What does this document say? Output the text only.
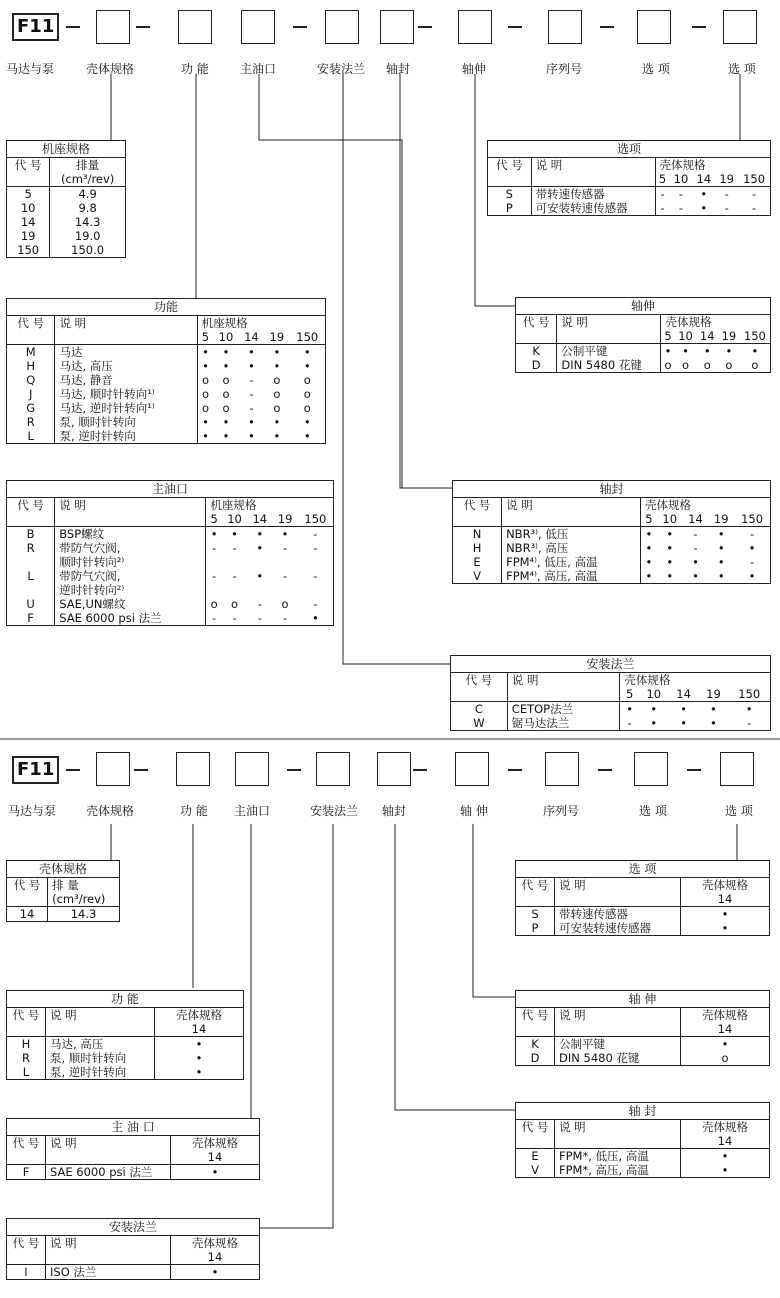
F11
马达与泵	壳体规格	功 能	主油口	安装法兰 轴封	轴伸	序列号	选 项	选 项
机座规格	
代 号	排量
(cm³/rev)
5	4.9
10	9.8
14	14.3
19	19.0
150	150.0
功能						
代 号	说 明	机座规格				
		5	10	14	19	150
M	马达	•	•	•	•	•
H	马达, 高压	•	•	•	•	•
Q	马达, 静音	o	o	-	o	o
J	马达, 顺时针转向¹⁾	o	o	-	o	o
G	马达, 逆时针转向¹⁾	o	o	-	o	o
R	泵, 顺时针转向	•	•	•	•	•
L	泵, 逆时针转向	•	•	•	•	•
主油口						
代 号	说 明	机座规格				
		5	10	14	19	150
B	BSP螺纹	•	•	•	•	-
R	带防气穴阀,
顺时针转向²⁾	-	-	•	-	-
L	带防气穴阀,
逆时针转向²⁾	-	-	•	-	-
U	SAE,UN螺纹	o	o	-	o	-
F	SAE 6000 psi 法兰	-	-	-	-	•
选项						
代 号	说 明	壳体规格				
		5	10	14	19	150
S	带转速传感器	-	-	•	-	-
P	可安装转速传感器	-	-	•	-	-
轴伸						
代 号	说 明	壳体规格				
		5	10	14	19	150
K	公制平键	•	•	•	•	•
D	DIN 5480 花键	o	o	o	o	o
轴封						
代 号	说 明	壳体规格				
		5	10	14	19	150
N	NBR³⁾, 低压	•	•	-	•	-
H	NBR³⁾, 高压	•	•	-	•	•
E	FPM⁴⁾, 低压, 高温	•	•	•	•	-
V	FPM⁴⁾, 高压, 高温	•	•	•	•	•
安装法兰						
代 号	说 明	壳体规格				
		5	10	14	19	150
C	CETOP法兰	•	•	•	•	•
W	锯马达法兰	-	•	•	•	-
F11
马达与泵 壳体规格	功 能 主油口	安装法兰 轴封	轴 伸	序列号	选 项	选 项
壳体规格	
代 号	排 量
(cm³/rev)
14	14.3
功 能		
代 号	说 明	壳体规格
14
H	马达, 高压	•
R	泵, 顺时针转向	•
L	泵, 逆时针转向	•
主 油 口		
代 号	说 明	壳体规格
14
F	SAE 6000 psi 法兰	•
安装法兰		
代 号	说 明	壳体规格
14
I	ISO 法兰	•
选 项		
代 号	说 明	壳体规格
14
S	带转速传感器	•
P	可安装转速传感器	•
轴 伸		
代 号	说 明	壳体规格
14
K	公制平键	•
D	DIN 5480 花键	o
轴 封		
代 号	说 明	壳体规格
14
E	FPM*, 低压, 高温	•
V	FPM*, 高压, 高温	•
